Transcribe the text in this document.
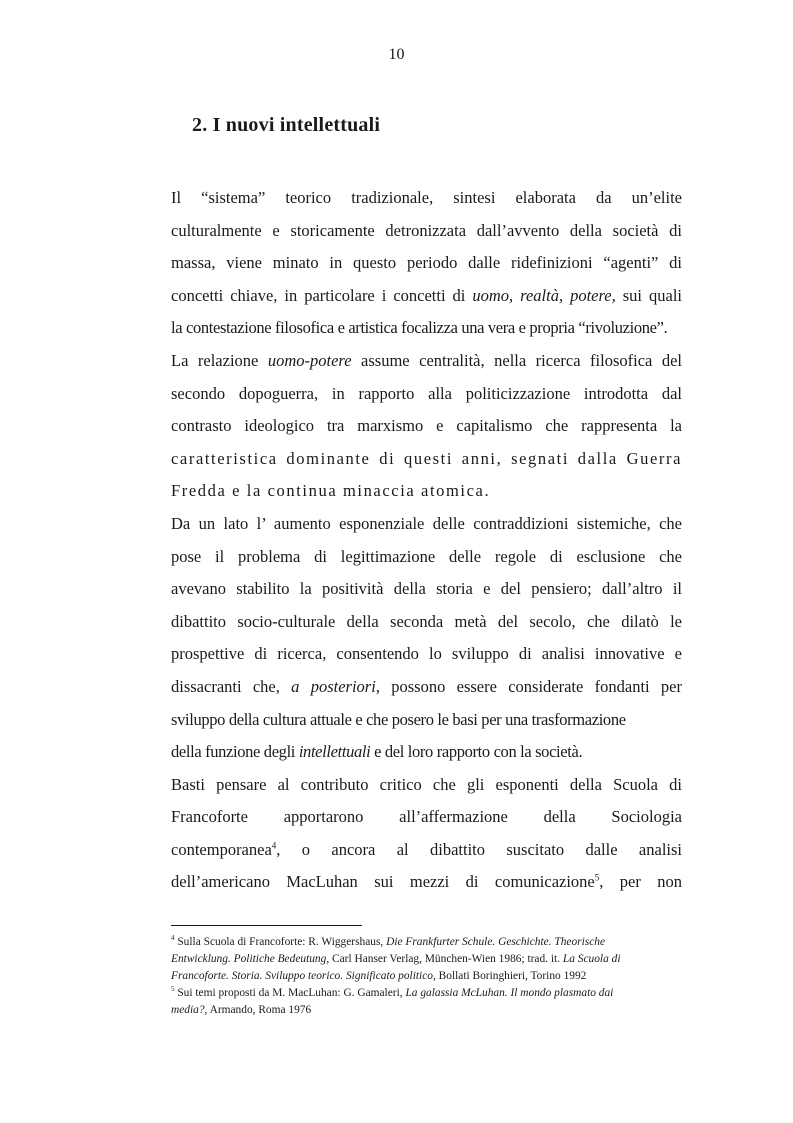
10
2. I nuovi intellettuali
Il “sistema” teorico tradizionale, sintesi elaborata da un’elite
culturalmente e storicamente detronizzata dall’avvento della società di
massa, viene minato in questo periodo dalle ridefinizioni “agenti” di
concetti chiave, in particolare i concetti di uomo, realtà, potere, sui quali
la contestazione filosofica e artistica focalizza una vera e propria “rivoluzione”.
La relazione uomo-potere assume centralità, nella ricerca filosofica del
secondo dopoguerra, in rapporto alla politicizzazione introdotta dal
contrasto ideologico tra marxismo e capitalismo che rappresenta la
caratteristica dominante di questi anni, segnati dalla Guerra
Fredda e la continua minaccia atomica.
Da un lato l’ aumento esponenziale delle contraddizioni sistemiche, che
pose il problema di legittimazione delle regole di esclusione che
avevano stabilito la positività della storia e del pensiero; dall’altro il
dibattito socio-culturale della seconda metà del secolo, che dilatò le
prospettive di ricerca, consentendo lo sviluppo di analisi innovative e
dissacranti che, a posteriori, possono essere considerate fondanti per
sviluppo della cultura attuale e che posero le basi per una trasformazione
della funzione degli intellettuali e del loro rapporto con la società.
Basti pensare al contributo critico che gli esponenti della Scuola di
Francoforte apportarono all’affermazione della Sociologia
contemporanea$^4$, o ancora al dibattito suscitato dalle analisi
dell’americano MacLuhan sui mezzi di comunicazione$^5$, per non
$^4$ Sulla Scuola di Francoforte: R. Wiggershaus, Die Frankfurter Schule. Geschichte. Theorische
Entwicklung. Politiche Bedeutung, Carl Hanser Verlag, München-Wien 1986; trad. it. La Scuola di
Francoforte. Storia. Sviluppo teorico. Significato politico, Bollati Boringhieri, Torino 1992
$^5$ Sui temi proposti da M. MacLuhan: G. Gamaleri, La galassia McLuhan. Il mondo plasmato dai
media?, Armando, Roma 1976
